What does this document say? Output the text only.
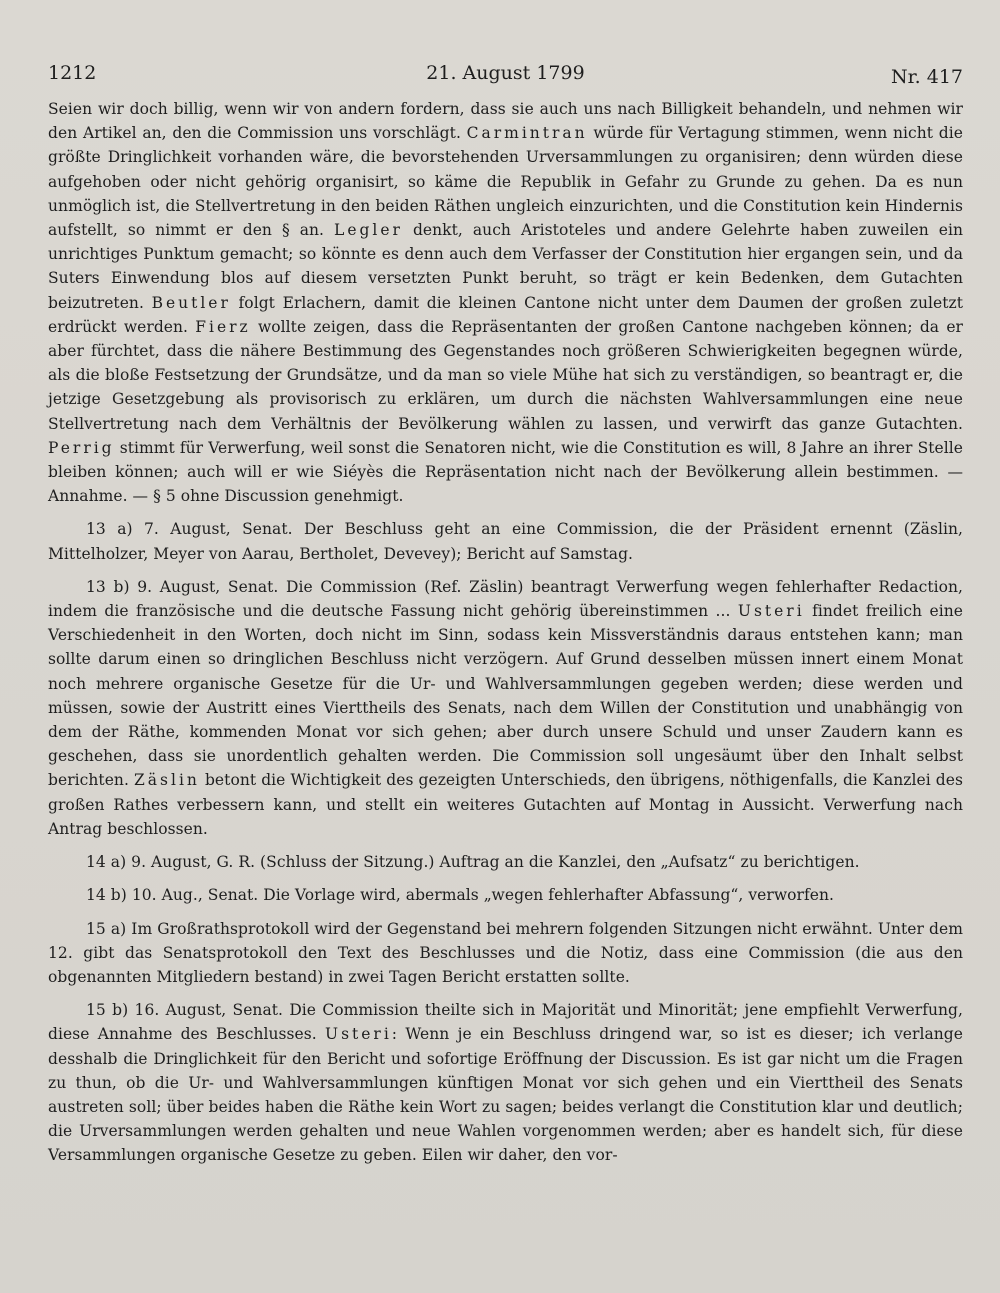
1212	21. August 1799	Nr. 417

Seien wir doch billig, wenn wir von andern fordern, dass sie auch uns nach Billigkeit behandeln, und nehmen wir den Artikel an, den die Commission uns vorschlägt. Carmintran würde für Vertagung stimmen, wenn nicht die größte Dringlichkeit vorhanden wäre, die bevorstehenden Urversammlungen zu organisiren; denn würden diese aufgehoben oder nicht gehörig organisirt, so käme die Republik in Gefahr zu Grunde zu gehen. Da es nun unmöglich ist, die Stellvertretung in den beiden Räthen ungleich einzurichten, und die Constitution kein Hindernis aufstellt, so nimmt er den § an. Legler denkt, auch Aristoteles und andere Gelehrte haben zuweilen ein unrichtiges Punktum gemacht; so könnte es denn auch dem Verfasser der Constitution hier ergangen sein, und da Suters Einwendung blos auf diesem versetzten Punkt beruht, so trägt er kein Bedenken, dem Gutachten beizutreten. Beutler folgt Erlachern, damit die kleinen Cantone nicht unter dem Daumen der großen zuletzt erdrückt werden. Fierz wollte zeigen, dass die Repräsentanten der großen Cantone nachgeben können; da er aber fürchtet, dass die nähere Bestimmung des Gegenstandes noch größeren Schwierigkeiten begegnen würde, als die bloße Festsetzung der Grundsätze, und da man so viele Mühe hat sich zu verständigen, so beantragt er, die jetzige Gesetzgebung als provisorisch zu erklären, um durch die nächsten Wahlversammlungen eine neue Stellvertretung nach dem Verhältnis der Bevölkerung wählen zu lassen, und verwirft das ganze Gutachten. Perrig stimmt für Verwerfung, weil sonst die Senatoren nicht, wie die Constitution es will, 8 Jahre an ihrer Stelle bleiben können; auch will er wie Siéyès die Repräsentation nicht nach der Bevölkerung allein bestimmen. — Annahme. — § 5 ohne Discussion genehmigt.

13 a) 7. August, Senat. Der Beschluss geht an eine Commission, die der Präsident ernennt (Zäslin, Mittelholzer, Meyer von Aarau, Bertholet, Devevey); Bericht auf Samstag.

13 b) 9. August, Senat. Die Commission (Ref. Zäslin) beantragt Verwerfung wegen fehlerhafter Redaction, indem die französische und die deutsche Fassung nicht gehörig übereinstimmen ... Usteri findet freilich eine Verschiedenheit in den Worten, doch nicht im Sinn, sodass kein Missverständnis daraus entstehen kann; man sollte darum einen so dringlichen Beschluss nicht verzögern. Auf Grund desselben müssen innert einem Monat noch mehrere organische Gesetze für die Ur- und Wahlversammlungen gegeben werden; diese werden und müssen, sowie der Austritt eines Vierttheils des Senats, nach dem Willen der Constitution und unabhängig von dem der Räthe, kommenden Monat vor sich gehen; aber durch unsere Schuld und unser Zaudern kann es geschehen, dass sie unordentlich gehalten werden. Die Commission soll ungesäumt über den Inhalt selbst berichten. Zäslin betont die Wichtigkeit des gezeigten Unterschieds, den übrigens, nöthigenfalls, die Kanzlei des großen Rathes verbessern kann, und stellt ein weiteres Gutachten auf Montag in Aussicht. Verwerfung nach Antrag beschlossen.

14 a) 9. August, G. R. (Schluss der Sitzung.) Auftrag an die Kanzlei, den „Aufsatz“ zu berichtigen.

14 b) 10. Aug., Senat. Die Vorlage wird, abermals „wegen fehlerhafter Abfassung“, verworfen.

15 a) Im Großrathsprotokoll wird der Gegenstand bei mehrern folgenden Sitzungen nicht erwähnt. Unter dem 12. gibt das Senatsprotokoll den Text des Beschlusses und die Notiz, dass eine Commission (die aus den obgenannten Mitgliedern bestand) in zwei Tagen Bericht erstatten sollte.

15 b) 16. August, Senat. Die Commission theilte sich in Majorität und Minorität; jene empfiehlt Verwerfung, diese Annahme des Beschlusses. Usteri: Wenn je ein Beschluss dringend war, so ist es dieser; ich verlange desshalb die Dringlichkeit für den Bericht und sofortige Eröffnung der Discussion. Es ist gar nicht um die Fragen zu thun, ob die Ur- und Wahlversammlungen künftigen Monat vor sich gehen und ein Vierttheil des Senats austreten soll; über beides haben die Räthe kein Wort zu sagen; beides verlangt die Constitution klar und deutlich; die Urversammlungen werden gehalten und neue Wahlen vorgenommen werden; aber es handelt sich, für diese Versammlungen organische Gesetze zu geben. Eilen wir daher, den vor-
